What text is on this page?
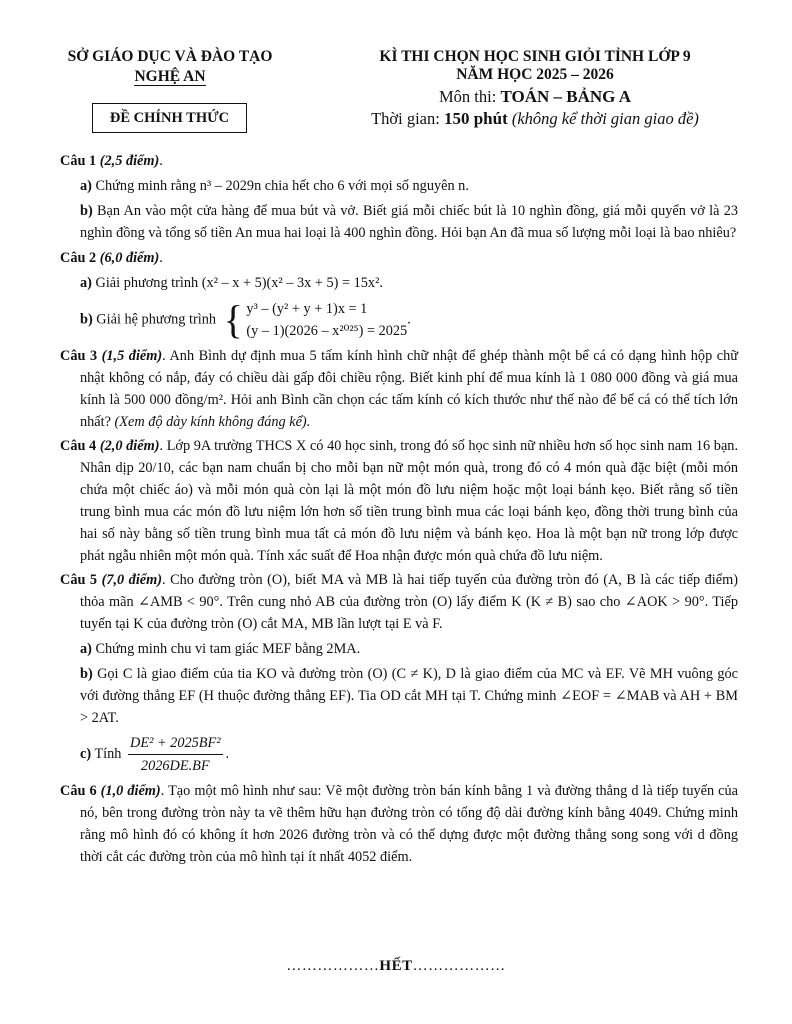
SỞ GIÁO DỤC VÀ ĐÀO TẠO
NGHỆ AN
ĐỀ CHÍNH THỨC
KÌ THI CHỌN HỌC SINH GIỎI TỈNH LỚP 9
NĂM HỌC 2025 – 2026
Môn thi: TOÁN – BẢNG A
Thời gian: 150 phút (không kể thời gian giao đề)
Câu 1 (2,5 điểm).
a) Chứng minh rằng n³ – 2029n chia hết cho 6 với mọi số nguyên n.
b) Bạn An vào một cửa hàng để mua bút và vở. Biết giá mỗi chiếc bút là 10 nghìn đồng, giá mỗi quyển vở là 23 nghìn đồng và tổng số tiền An mua hai loại là 400 nghìn đồng. Hỏi bạn An đã mua số lượng mỗi loại là bao nhiêu?
Câu 2 (6,0 điểm).
a) Giải phương trình (x² – x + 5)(x² – 3x + 5) = 15x².
b) Giải hệ phương trình { y³ – (y² + y + 1)x = 1
(y – 1)(2026 – x²⁰²⁵) = 2025
.
Câu 3 (1,5 điểm). Anh Bình dự định mua 5 tấm kính hình chữ nhật để ghép thành một bể cá có dạng hình hộp chữ nhật không có nắp, đáy có chiều dài gấp đôi chiều rộng. Biết kinh phí để mua kính là 1 080 000 đồng và giá mua kính là 500 000 đồng/m². Hỏi anh Bình cần chọn các tấm kính có kích thước như thế nào để bể cá có thể tích lớn nhất? (Xem độ dày kính không đáng kể).
Câu 4 (2,0 điểm). Lớp 9A trường THCS X có 40 học sinh, trong đó số học sinh nữ nhiều hơn số học sinh nam 16 bạn. Nhân dịp 20/10, các bạn nam chuẩn bị cho mỗi bạn nữ một món quà, trong đó có 4 món quà đặc biệt (mỗi món chứa một chiếc áo) và mỗi món quà còn lại là một món đồ lưu niệm hoặc một loại bánh kẹo. Biết rằng số tiền trung bình mua các món đồ lưu niệm lớn hơn số tiền trung bình mua các loại bánh kẹo, đồng thời trung bình của hai số này bằng số tiền trung bình mua tất cả món đồ lưu niệm và bánh kẹo. Hoa là một bạn nữ trong lớp được phát ngẫu nhiên một món quà. Tính xác suất để Hoa nhận được món quà chứa đồ lưu niệm.
Câu 5 (7,0 điểm). Cho đường tròn (O), biết MA và MB là hai tiếp tuyến của đường tròn đó (A, B là các tiếp điểm) thỏa mãn ∠AMB < 90°. Trên cung nhỏ AB của đường tròn (O) lấy điểm K (K ≠ B) sao cho ∠AOK > 90°. Tiếp tuyến tại K của đường tròn (O) cắt MA, MB lần lượt tại E và F.
a) Chứng minh chu vi tam giác MEF bằng 2MA.
b) Gọi C là giao điểm của tia KO và đường tròn (O) (C ≠ K), D là giao điểm của MC và EF. Vẽ MH vuông góc với đường thẳng EF (H thuộc đường thẳng EF). Tia OD cắt MH tại T. Chứng minh ∠EOF = ∠MAB và AH + BM > 2AT.
c) Tính $\frac{\text{DE² + 2025BF²}}{2026DE.BF}$ .
Câu 6 (1,0 điểm). Tạo một mô hình như sau: Vẽ một đường tròn bán kính bằng 1 và đường thẳng d là tiếp tuyến của nó, bên trong đường tròn này ta vẽ thêm hữu hạn đường tròn có tổng độ dài đường kính bằng 4049. Chứng minh rằng mô hình đó có không ít hơn 2026 đường tròn và có thể dựng được một đường thẳng song song với d đồng thời cắt các đường tròn của mô hình tại ít nhất 4052 điểm.
………………HẾT………………
